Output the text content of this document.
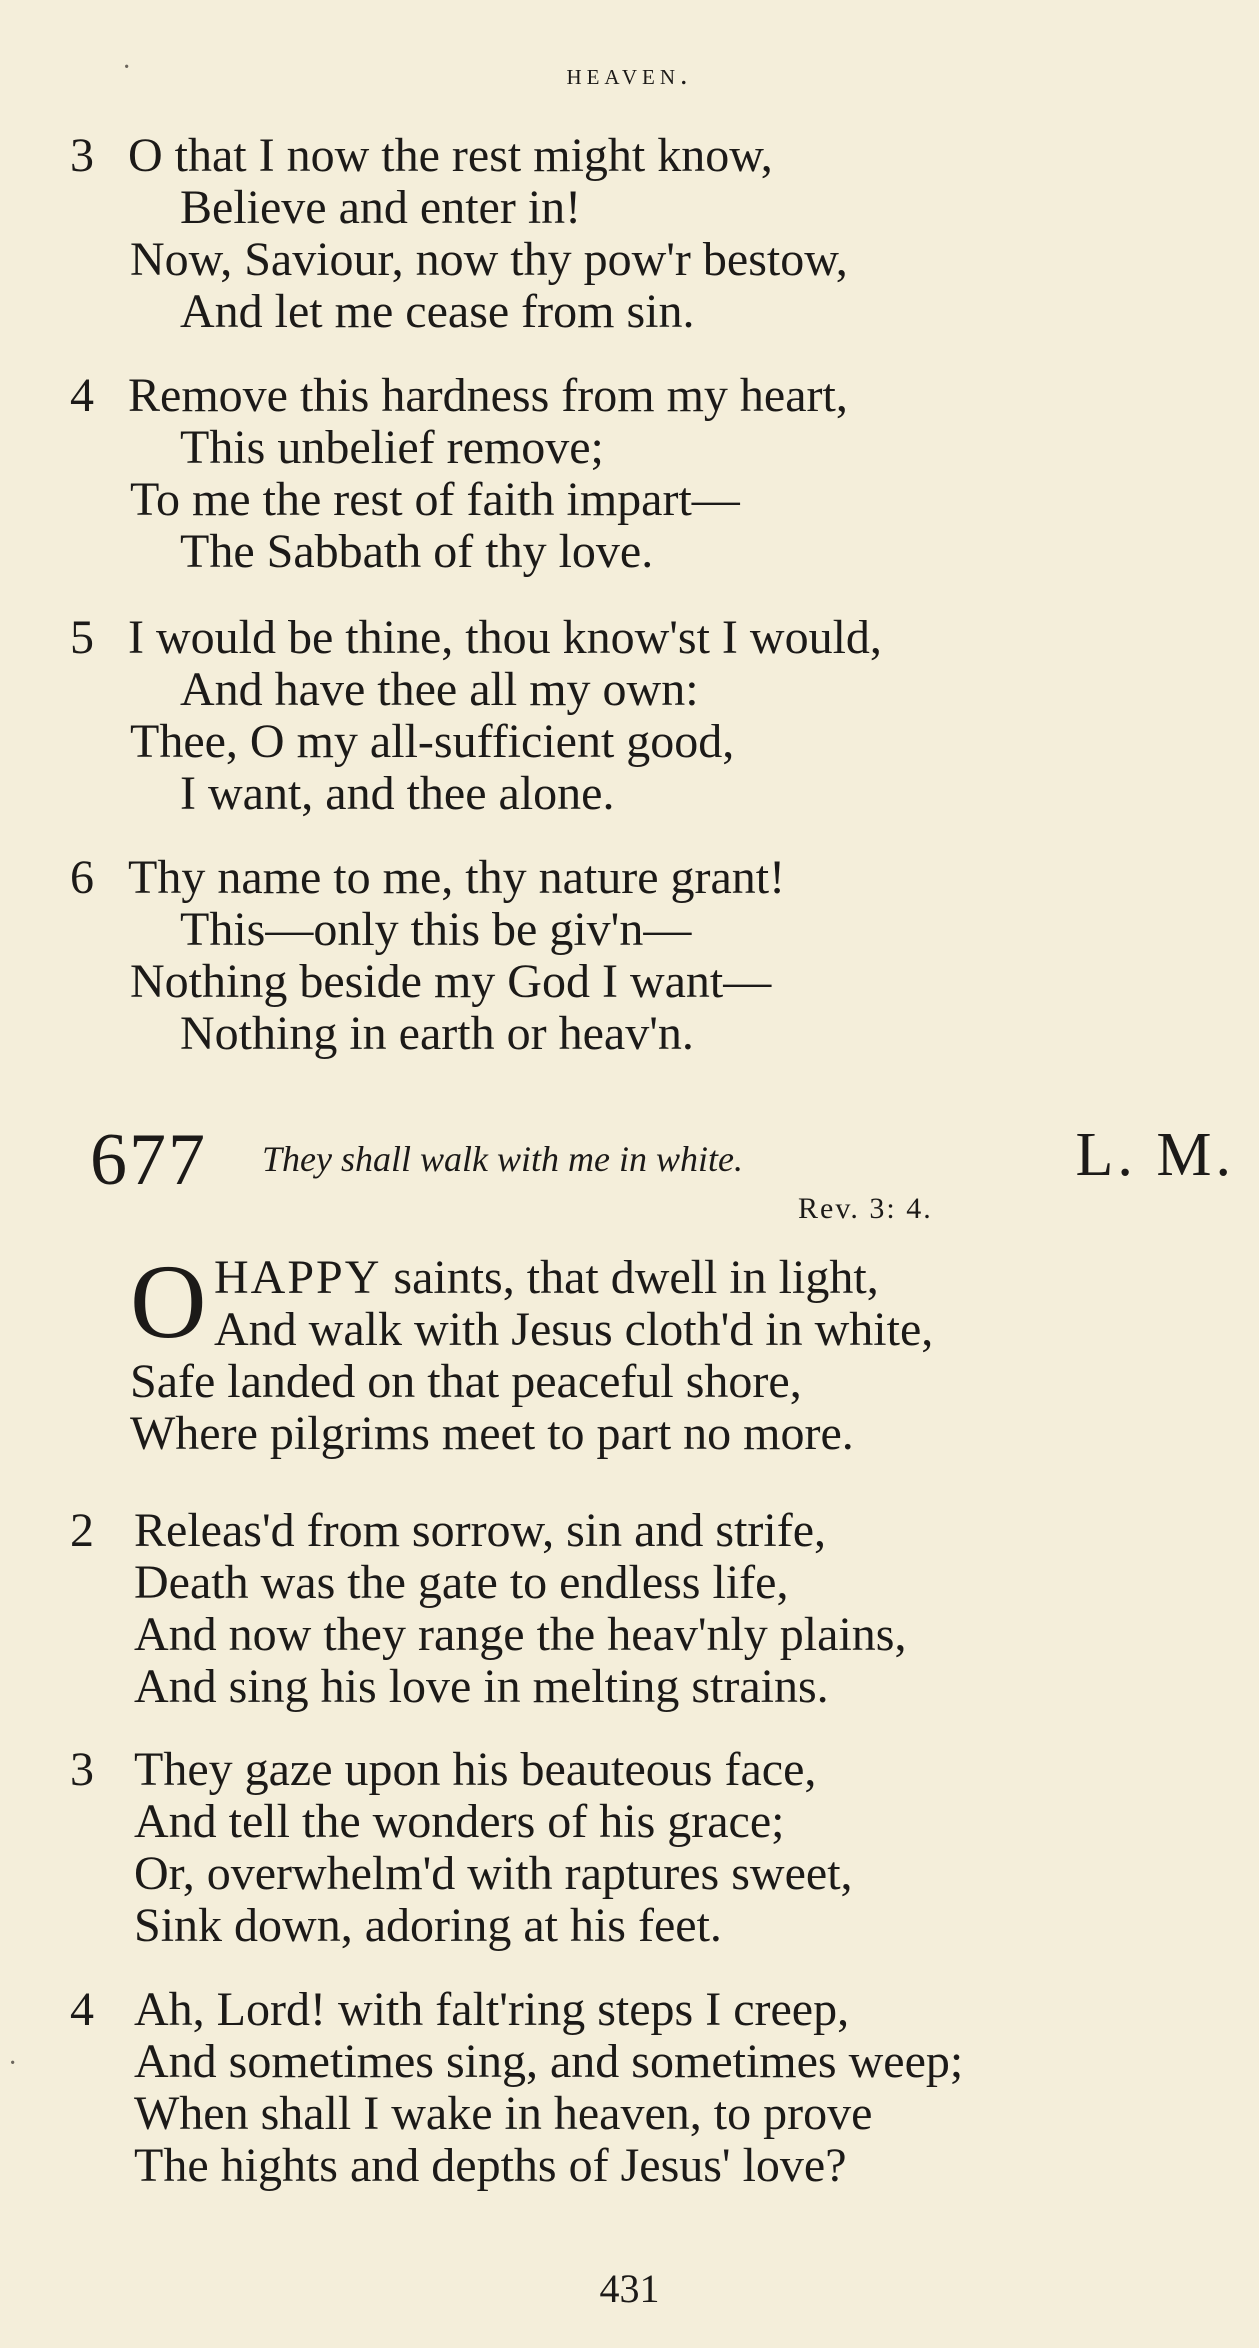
·
·
heaven.
3 O that I now the rest might know,
Believe and enter in!
Now, Saviour, now thy pow'r bestow,
And let me cease from sin.
4 Remove this hardness from my heart,
This unbelief remove;
To me the rest of faith impart—
The Sabbath of thy love.
5 I would be thine, thou know'st I would,
And have thee all my own:
Thee, O my all-sufficient good,
I want, and thee alone.
6 Thy name to me, thy nature grant!
This—only this be giv'n—
Nothing beside my God I want—
Nothing in earth or heav'n.
677 They shall walk with me in white.	L. M.
Rev. 3: 4.
O HAPPY saints, that dwell in light,
And walk with Jesus cloth'd in white,
Safe landed on that peaceful shore,
Where pilgrims meet to part no more.
2 Releas'd from sorrow, sin and strife,
Death was the gate to endless life,
And now they range the heav'nly plains,
And sing his love in melting strains.
3 They gaze upon his beauteous face,
And tell the wonders of his grace;
Or, overwhelm'd with raptures sweet,
Sink down, adoring at his feet.
4 Ah, Lord! with falt'ring steps I creep,
And sometimes sing, and sometimes weep;
When shall I wake in heaven, to prove
The hights and depths of Jesus' love?
431
